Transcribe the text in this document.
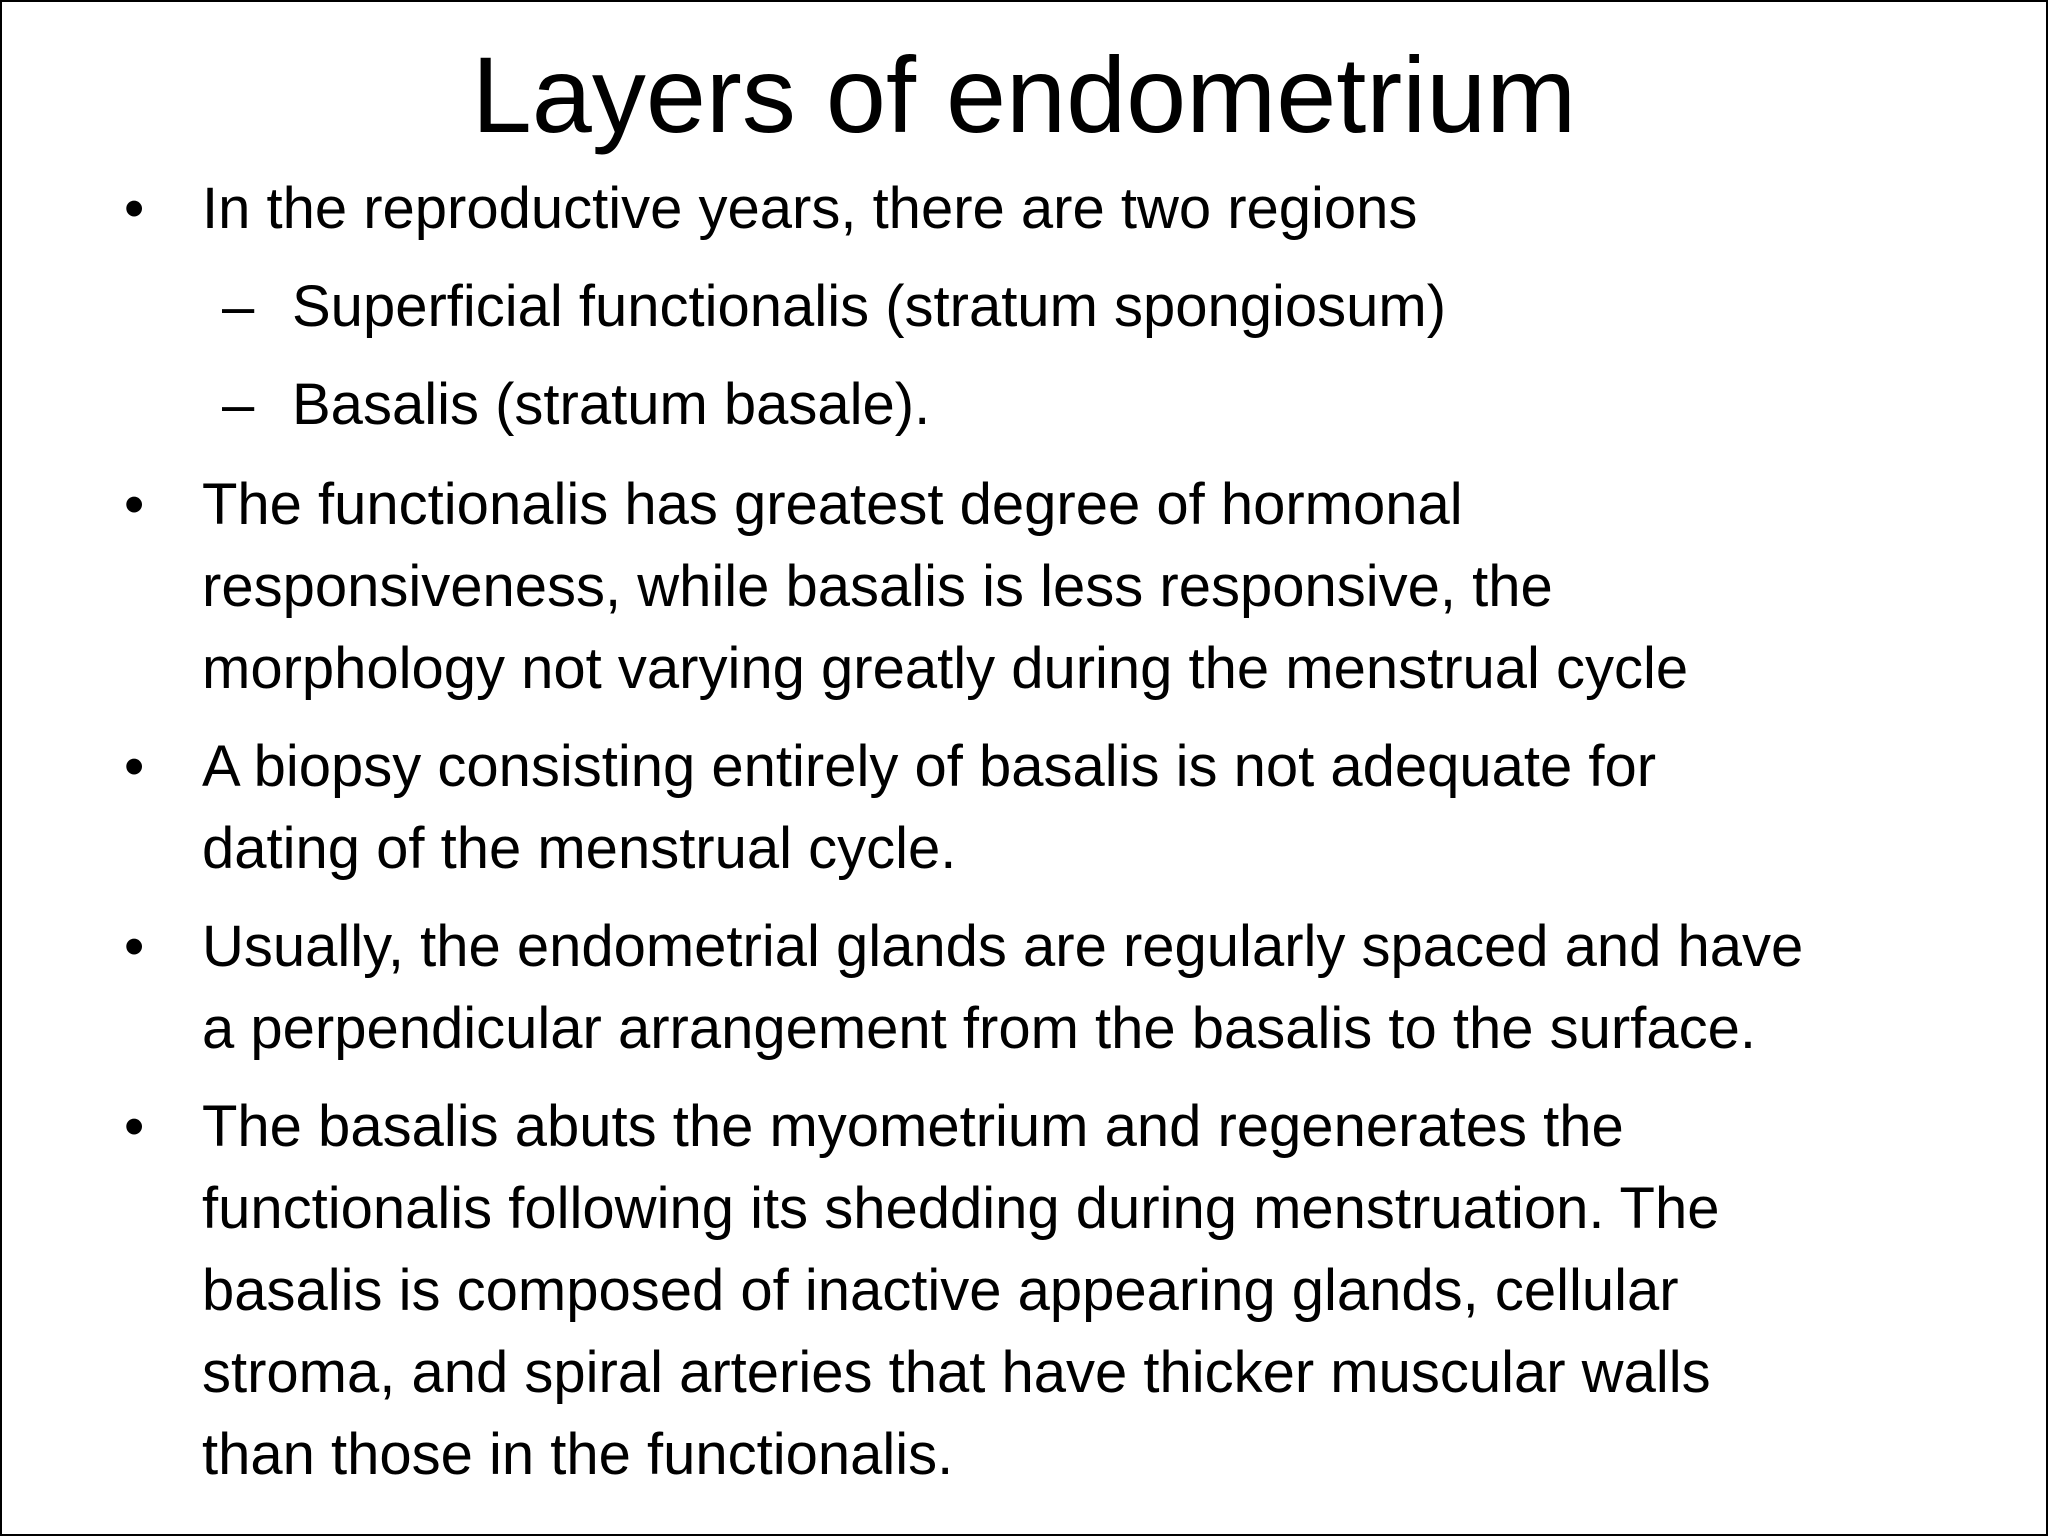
Layers of endometrium
• In the reproductive years, there are two regions
– Superficial functionalis (stratum spongiosum)
– Basalis (stratum basale).
• The functionalis has greatest degree of hormonal
responsiveness, while basalis is less responsive, the
morphology not varying greatly during the menstrual cycle
• A biopsy consisting entirely of basalis is not adequate for
dating of the menstrual cycle.
• Usually, the endometrial glands are regularly spaced and have
a perpendicular arrangement from the basalis to the surface.
• The basalis abuts the myometrium and regenerates the
functionalis following its shedding during menstruation. The
basalis is composed of inactive appearing glands, cellular
stroma, and spiral arteries that have thicker muscular walls
than those in the functionalis.
